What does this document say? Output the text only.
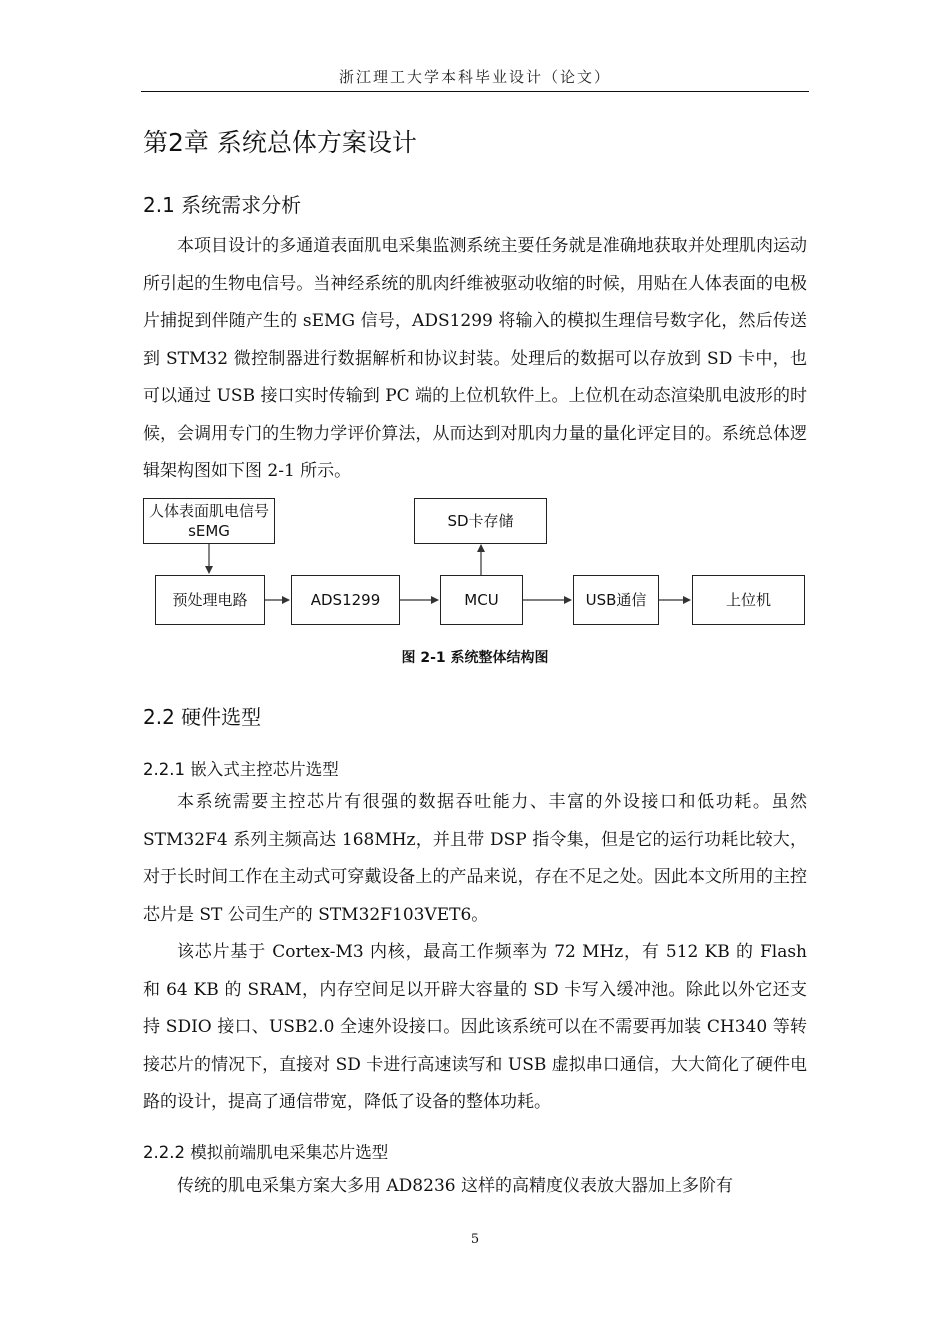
浙江理工大学本科毕业设计（论文）
第2章 系统总体方案设计
2.1 系统需求分析

本项目设计的多通道表面肌电采集监测系统主要任务就是准确地获取并处理肌肉运动所引起的生物电信号。当神经系统的肌肉纤维被驱动收缩的时候，用贴在人体表面的电极片捕捉到伴随产生的 sEMG 信号，ADS1299 将输入的模拟生理信号数字化，然后传送到 STM32 微控制器进行数据解析和协议封装。处理后的数据可以存放到 SD 卡中，也可以通过 USB 接口实时传输到 PC 端的上位机软件上。上位机在动态渲染肌电波形的时候，会调用专门的生物力学评价算法，从而达到对肌肉力量的量化评定目的。系统总体逻辑架构图如下图 2-1 所示。

人体表面肌电信号 sEMG
预处理电路	ADS1299	MCU
SD卡存储
USB通信	上位机
图 2-1 系统整体结构图
2.2 硬件选型
2.2.1 嵌入式主控芯片选型

本系统需要主控芯片有很强的数据吞吐能力、丰富的外设接口和低功耗。虽然 STM32F4 系列主频高达 168MHz，并且带 DSP 指令集，但是它的运行功耗比较大，对于长时间工作在主动式可穿戴设备上的产品来说，存在不足之处。因此本文所用的主控芯片是 ST 公司生产的 STM32F103VET6。

该芯片基于 Cortex-M3 内核，最高工作频率为 72 MHz，有 512 KB 的 Flash 和 64 KB 的 SRAM，内存空间足以开辟大容量的 SD 卡写入缓冲池。除此以外它还支持 SDIO 接口、USB2.0 全速外设接口。因此该系统可以在不需要再加装 CH340 等转接芯片的情况下，直接对 SD 卡进行高速读写和 USB 虚拟串口通信，大大简化了硬件电路的设计，提高了通信带宽，降低了设备的整体功耗。

2.2.2 模拟前端肌电采集芯片选型

传统的肌电采集方案大多用 AD8236 这样的高精度仪表放大器加上多阶有

5
